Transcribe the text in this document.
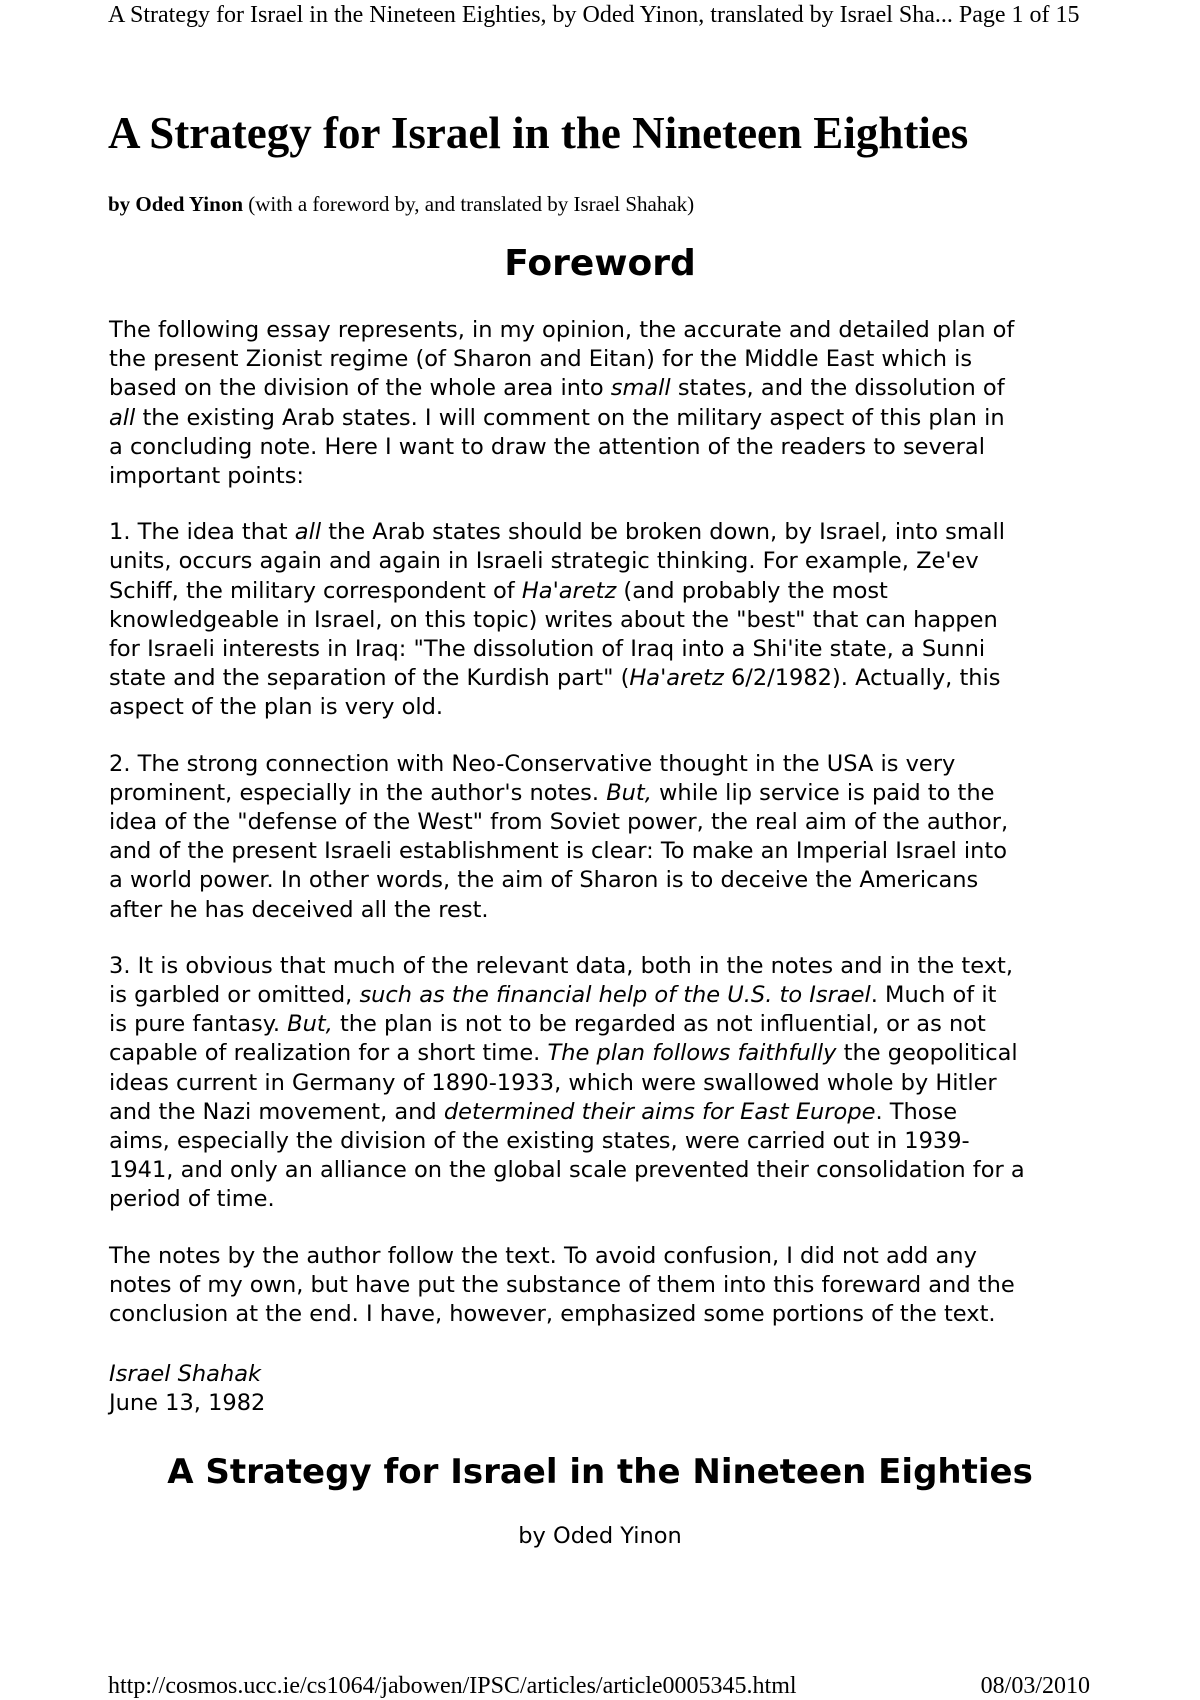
A Strategy for Israel in the Nineteen Eighties, by Oded Yinon, translated by Israel Sha... Page 1 of 15
A Strategy for Israel in the Nineteen Eighties
by Oded Yinon (with a foreword by, and translated by Israel Shahak)
Foreword

The following essay represents, in my opinion, the accurate and detailed plan of
the present Zionist regime (of Sharon and Eitan) for the Middle East which is
based on the division of the whole area into small states, and the dissolution of
all the existing Arab states. I will comment on the military aspect of this plan in
a concluding note. Here I want to draw the attention of the readers to several
important points:

1. The idea that all the Arab states should be broken down, by Israel, into small
units, occurs again and again in Israeli strategic thinking. For example, Ze'ev
Schiff, the military correspondent of Ha'aretz (and probably the most
knowledgeable in Israel, on this topic) writes about the "best" that can happen
for Israeli interests in Iraq: "The dissolution of Iraq into a Shi'ite state, a Sunni
state and the separation of the Kurdish part" (Ha'aretz 6/2/1982). Actually, this
aspect of the plan is very old.

2. The strong connection with Neo-Conservative thought in the USA is very
prominent, especially in the author's notes. But, while lip service is paid to the
idea of the "defense of the West" from Soviet power, the real aim of the author,
and of the present Israeli establishment is clear: To make an Imperial Israel into
a world power. In other words, the aim of Sharon is to deceive the Americans
after he has deceived all the rest.

3. It is obvious that much of the relevant data, both in the notes and in the text,
is garbled or omitted, such as the financial help of the U.S. to Israel. Much of it
is pure fantasy. But, the plan is not to be regarded as not influential, or as not
capable of realization for a short time. The plan follows faithfully the geopolitical
ideas current in Germany of 1890-1933, which were swallowed whole by Hitler
and the Nazi movement, and determined their aims for East Europe. Those
aims, especially the division of the existing states, were carried out in 1939-
1941, and only an alliance on the global scale prevented their consolidation for a
period of time.

The notes by the author follow the text. To avoid confusion, I did not add any
notes of my own, but have put the substance of them into this foreward and the
conclusion at the end. I have, however, emphasized some portions of the text.

Israel Shahak
June 13, 1982
A Strategy for Israel in the Nineteen Eighties
by Oded Yinon
http://cosmos.ucc.ie/cs1064/jabowen/IPSC/articles/article0005345.html	08/03/2010
